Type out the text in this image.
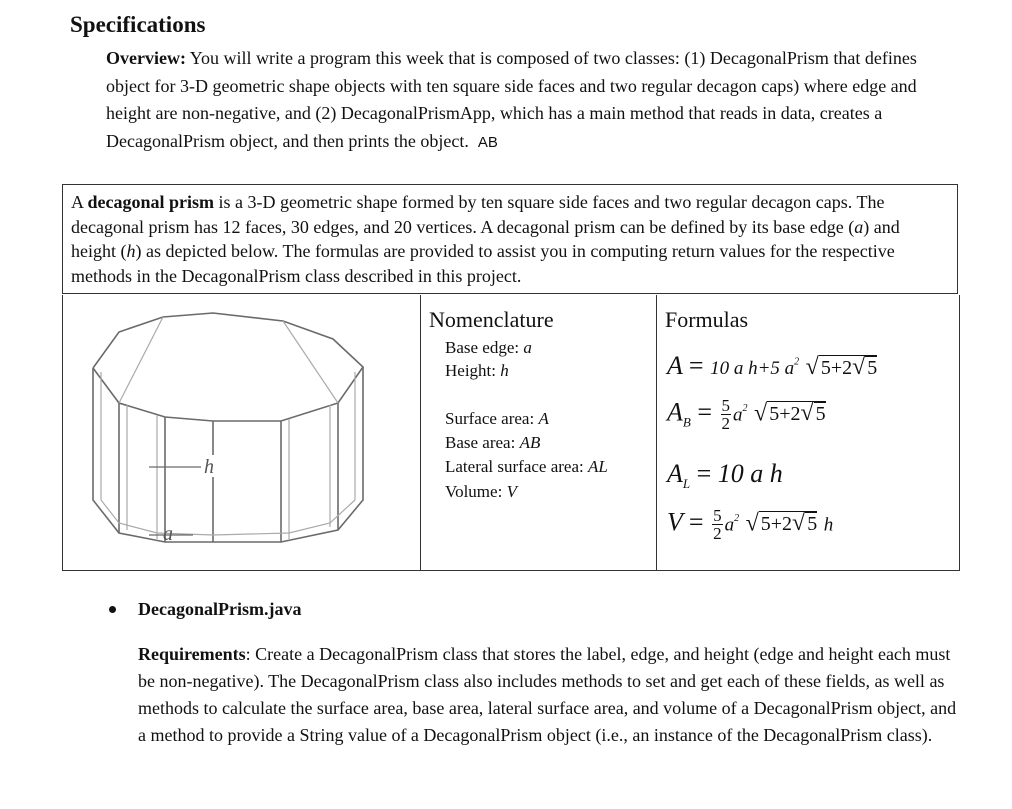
Specifications
Overview: You will write a program this week that is composed of two classes: (1) DecagonalPrism that defines object for 3-D geometric shape objects with ten square side faces and two regular decagon caps) where edge and height are non-negative, and (2) DecagonalPrismApp, which has a main method that reads in data, creates a DecagonalPrism object, and then prints the object. AB
A decagonal prism is a 3-D geometric shape formed by ten square side faces and two regular decagon caps. The decagonal prism has 12 faces, 30 edges, and 20 vertices. A decagonal prism can be defined by its base edge (a) and height (h) as depicted below. The formulas are provided to assist you in computing return values for the respective methods in the DecagonalPrism class described in this project.
h
a
Nomenclature
Base edge: a
Height: h
Surface area: A
Base area: AB
Lateral surface area: AL
Volume: V
Formulas
A = 10 a h+5 $a^2$ √ 5+2√ 5
$A_B = \frac{5}{2} a^2$ √ 5+2√ 5
$A_L = 10$ a h
$V = \frac{5}{2} a^2$ √ 5+2√ 5 h
DecagonalPrism.java
Requirements: Create a DecagonalPrism class that stores the label, edge, and height (edge and height each must be non-negative). The DecagonalPrism class also includes methods to set and get each of these fields, as well as methods to calculate the surface area, base area, lateral surface area, and volume of a DecagonalPrism object, and a method to provide a String value of a DecagonalPrism object (i.e., an instance of the DecagonalPrism class).
